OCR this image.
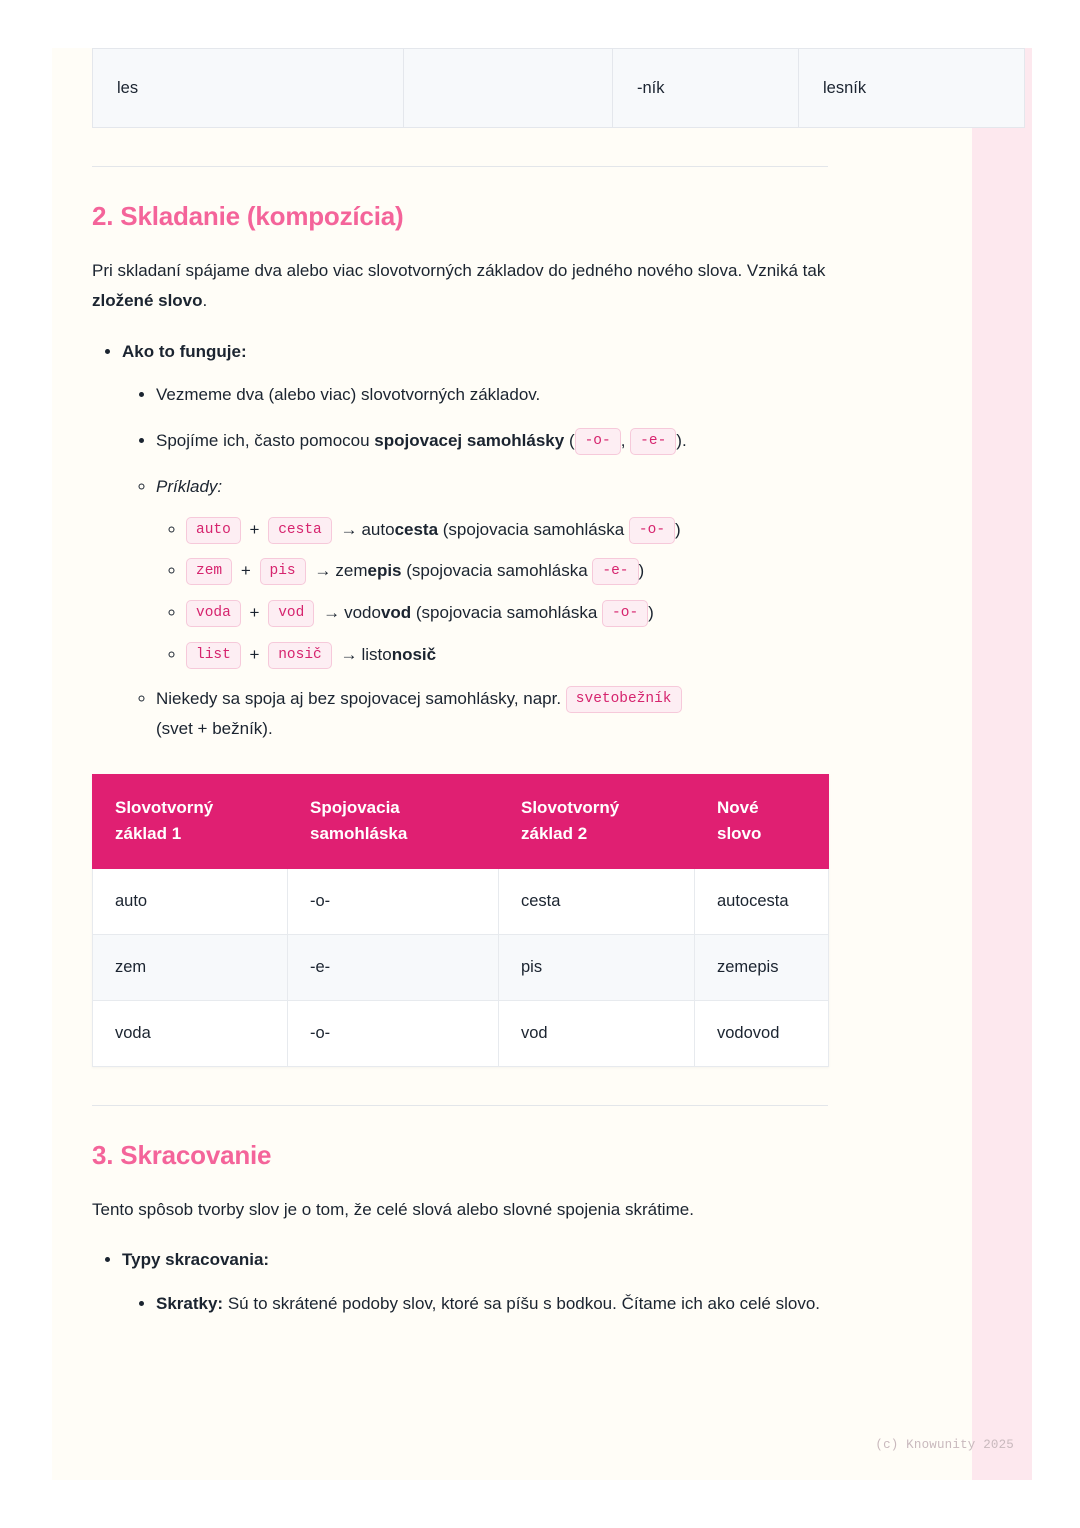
(c) Knowunity 2025
les		-ník	lesník
2. Skladanie (kompozícia)

Pri skladaní spájame dva alebo viac slovotvorných základov do jedného nového slova. Vzniká tak zložené slovo.

• Ako to funguje:
• Vezmeme dva (alebo viac) slovotvorných základov.
• Spojíme ich, často pomocou spojovacej samohlásky ( -o- , -e- ).
◦ Príklady:
◦ auto + cesta → autocesta (spojovacia samohláska -o- )
◦ zem + pis → zemepis (spojovacia samohláska -e- )
◦ voda + vod → vodovod (spojovacia samohláska -o- )
◦ list + nosič → listonosič
◦ Niekedy sa spoja aj bez spojovacej samohlásky, napr. svetobežník
(svet + bežník).
Slovotvorný základ 1	Spojovacia samohláska	Slovotvorný základ 2	Nové slovo
auto	-o-	cesta	autocesta
zem	-e-	pis	zemepis
voda	-o-	vod	vodovod
3. Skracovanie

Tento spôsob tvorby slov je o tom, že celé slová alebo slovné spojenia skrátime.

• Typy skracovania:
• Skratky: Sú to skrátené podoby slov, ktoré sa píšu s bodkou. Čítame ich ako celé slovo.
